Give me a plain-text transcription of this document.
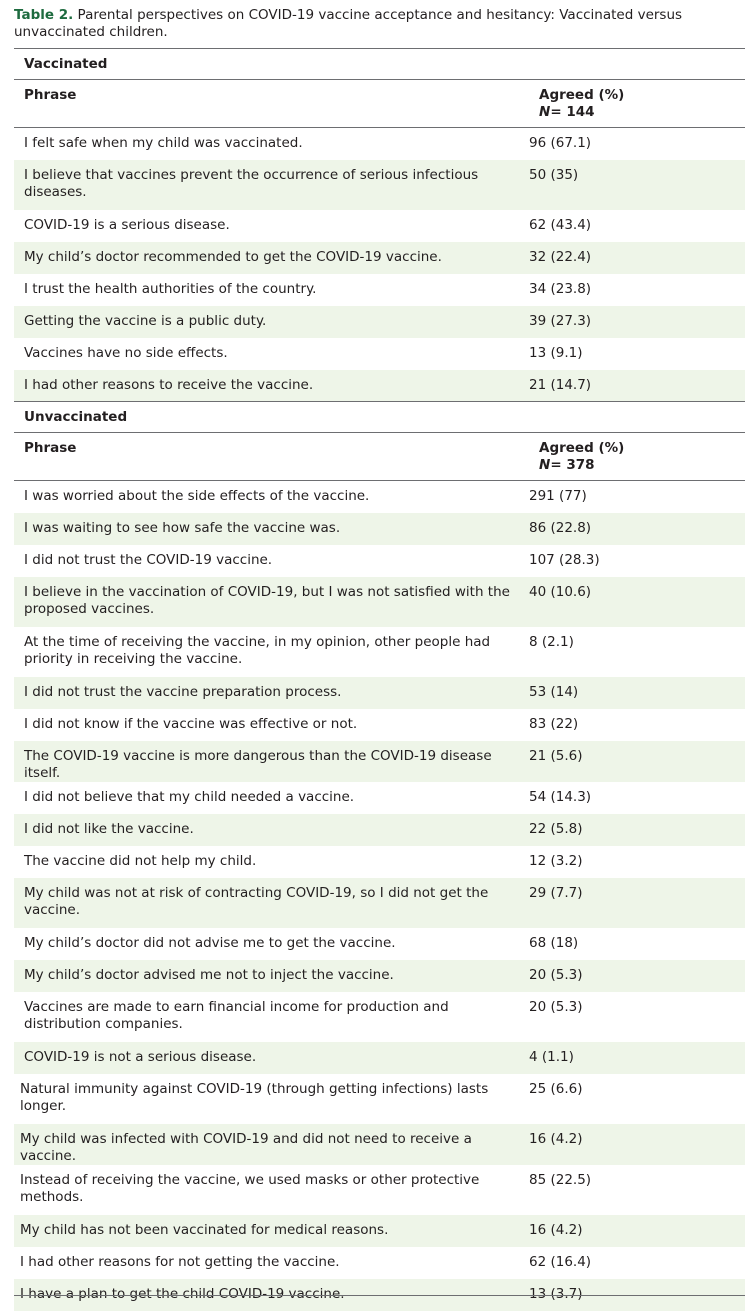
Table 2. Parental perspectives on COVID-19 vaccine acceptance and hesitancy: Vaccinated versus unvaccinated children.
Vaccinated	
Phrase	Agreed (%)
N= 144
I felt safe when my child was vaccinated.	96 (67.1)
I believe that vaccines prevent the occurrence of serious infectious diseases.	50 (35)
COVID-19 is a serious disease.	62 (43.4)
My child’s doctor recommended to get the COVID-19 vaccine.	32 (22.4)
I trust the health authorities of the country.	34 (23.8)
Getting the vaccine is a public duty.	39 (27.3)
Vaccines have no side effects.	13 (9.1)
I had other reasons to receive the vaccine.	21 (14.7)
Unvaccinated	
Phrase	Agreed (%)
N= 378
I was worried about the side effects of the vaccine.	291 (77)
I was waiting to see how safe the vaccine was.	86 (22.8)
I did not trust the COVID-19 vaccine.	107 (28.3)
I believe in the vaccination of COVID-19, but I was not satisfied with the proposed vaccines.	40 (10.6)
At the time of receiving the vaccine, in my opinion, other people had priority in receiving the vaccine.	8 (2.1)
I did not trust the vaccine preparation process.	53 (14)
I did not know if the vaccine was effective or not.	83 (22)
The COVID-19 vaccine is more dangerous than the COVID-19 disease itself.	21 (5.6)
I did not believe that my child needed a vaccine.	54 (14.3)
I did not like the vaccine.	22 (5.8)
The vaccine did not help my child.	12 (3.2)
My child was not at risk of contracting COVID-19, so I did not get the vaccine.	29 (7.7)
My child’s doctor did not advise me to get the vaccine.	68 (18)
My child’s doctor advised me not to inject the vaccine.	20 (5.3)
Vaccines are made to earn financial income for production and distribution companies.	20 (5.3)
COVID-19 is not a serious disease.	4 (1.1)
Natural immunity against COVID-19 (through getting infections) lasts longer.	25 (6.6)
My child was infected with COVID-19 and did not need to receive a vaccine.	16 (4.2)
Instead of receiving the vaccine, we used masks or other protective methods.	85 (22.5)
My child has not been vaccinated for medical reasons.	16 (4.2)
I had other reasons for not getting the vaccine.	62 (16.4)
I have a plan to get the child COVID-19 vaccine.	13 (3.7)
